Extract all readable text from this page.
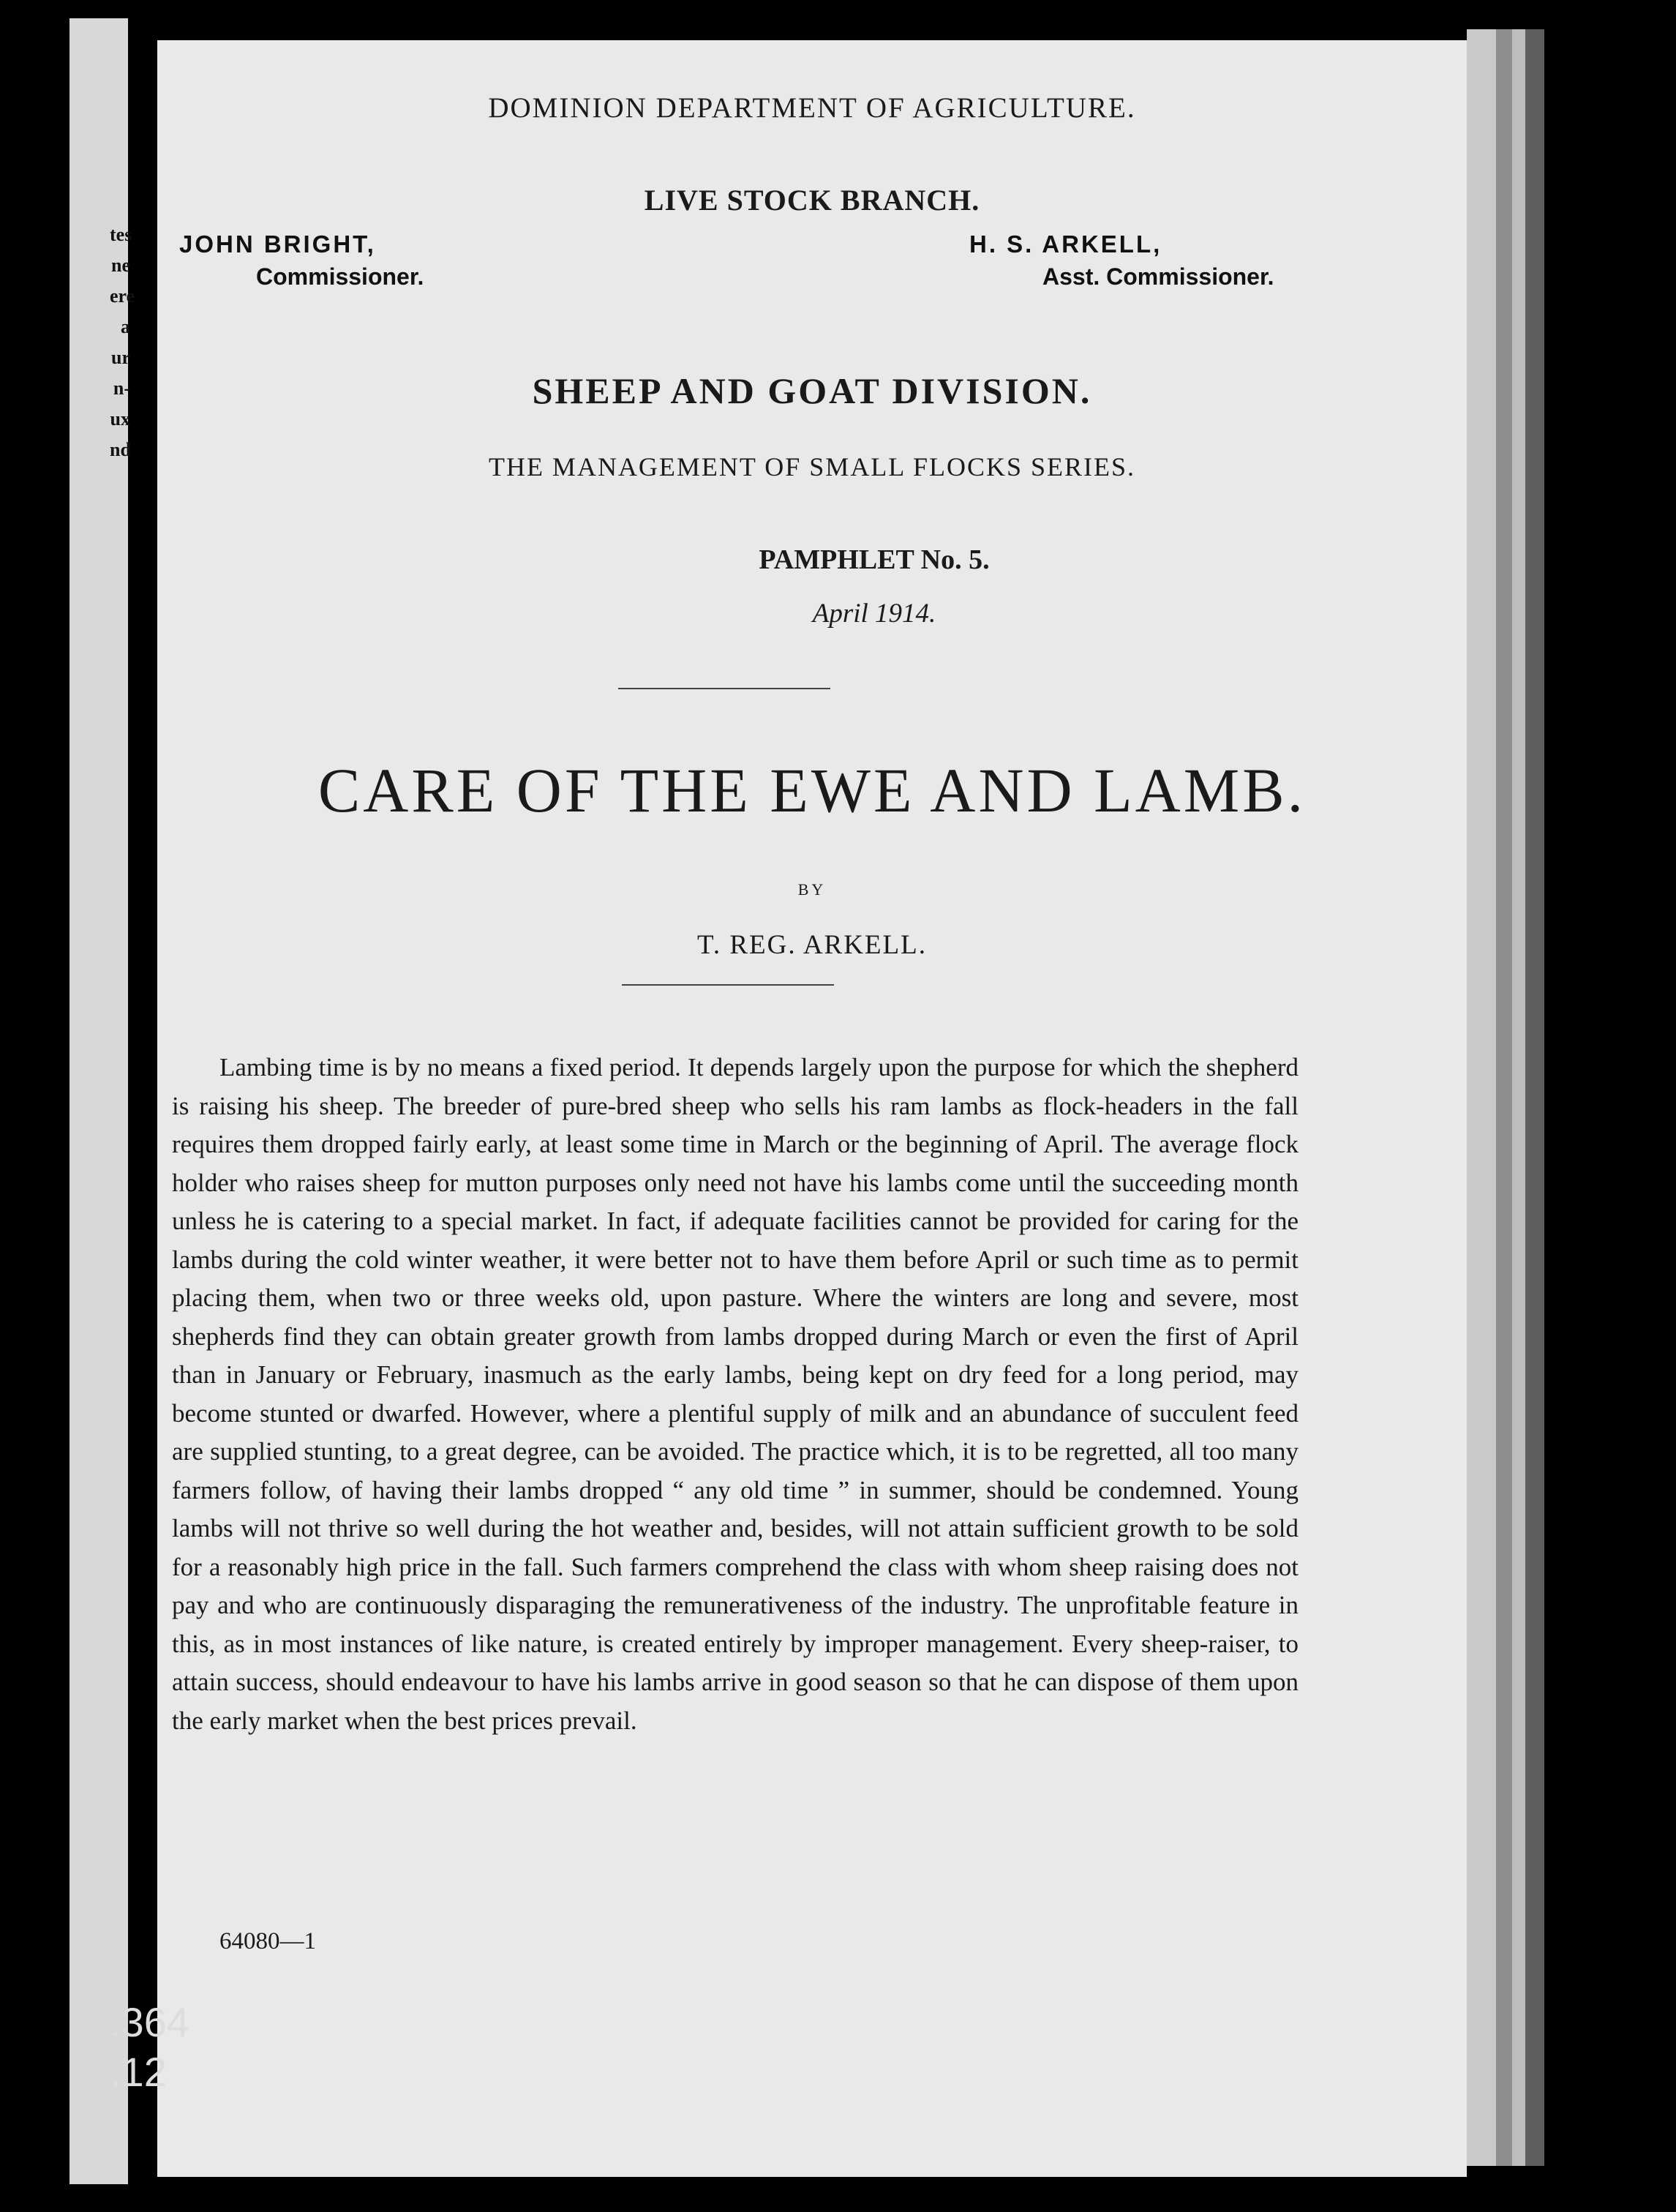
tes ne ere a ur n- ux nd
DOMINION DEPARTMENT OF AGRICULTURE.
LIVE STOCK BRANCH.
JOHN BRIGHT,
Commissioner.
H. S. ARKELL,
Asst. Commissioner.
SHEEP AND GOAT DIVISION.
THE MANAGEMENT OF SMALL FLOCKS SERIES.
PAMPHLET No. 5.
April 1914.
CARE OF THE EWE AND LAMB.
BY
T. REG. ARKELL.
Lambing time is by no means a fixed period. It depends largely upon the purpose for which the shepherd is raising his sheep. The breeder of pure-bred sheep who sells his ram lambs as flock-headers in the fall requires them dropped fairly early, at least some time in March or the beginning of April. The average flock holder who raises sheep for mutton purposes only need not have his lambs come until the succeeding month unless he is catering to a special market. In fact, if adequate facilities cannot be provided for caring for the lambs during the cold winter weather, it were better not to have them before April or such time as to permit placing them, when two or three weeks old, upon pasture. Where the winters are long and severe, most shepherds find they can obtain greater growth from lambs dropped during March or even the first of April than in January or February, inasmuch as the early lambs, being kept on dry feed for a long period, may become stunted or dwarfed. However, where a plentiful supply of milk and an abundance of succulent feed are supplied stunting, to a great degree, can be avoided. The practice which, it is to be regretted, all too many farmers follow, of having their lambs dropped “ any old time ” in summer, should be condemned. Young lambs will not thrive so well during the hot weather and, besides, will not attain sufficient growth to be sold for a reasonably high price in the fall. Such farmers comprehend the class with whom sheep raising does not pay and who are continuously disparaging the remunerativeness of the industry. The unprofitable feature in this, as in most instances of like nature, is created entirely by improper management. Every sheep-raiser, to attain success, should endeavour to have his lambs arrive in good season so that he can dispose of them upon the early market when the best prices prevail.
64080—1
.364
.12
